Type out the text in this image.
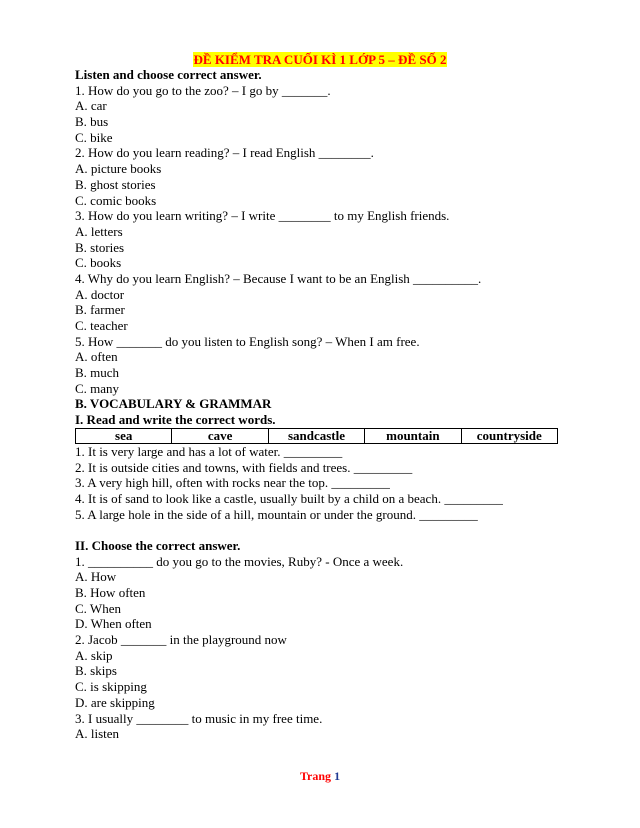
ĐỀ KIỂM TRA CUỐI KÌ 1 LỚP 5 – ĐỀ SỐ 2
Listen and choose correct answer.
1. How do you go to the zoo? – I go by _______.
A. car
B. bus
C. bike
2. How do you learn reading? – I read English ________.
A. picture books
B. ghost stories
C. comic books
3. How do you learn writing? – I write ________ to my English friends.
A. letters
B. stories
C. books
4. Why do you learn English? – Because I want to be an English __________.
A. doctor
B. farmer
C. teacher
5. How _______ do you listen to English song? – When I am free.
A. often
B. much
C. many
B. VOCABULARY & GRAMMAR
I. Read and write the correct words.
sea	cave	sandcastle	mountain	countryside
1. It is very large and has a lot of water. _________
2. It is outside cities and towns, with fields and trees. _________
3. A very high hill, often with rocks near the top. _________
4. It is of sand to look like a castle, usually built by a child on a beach. _________
5. A large hole in the side of a hill, mountain or under the ground. _________
II. Choose the correct answer.
1. __________ do you go to the movies, Ruby? - Once a week.
A. How
B. How often
C. When
D. When often
2. Jacob _______ in the playground now
A. skip
B. skips
C. is skipping
D. are skipping
3. I usually ________ to music in my free time.
A. listen
Trang 1
